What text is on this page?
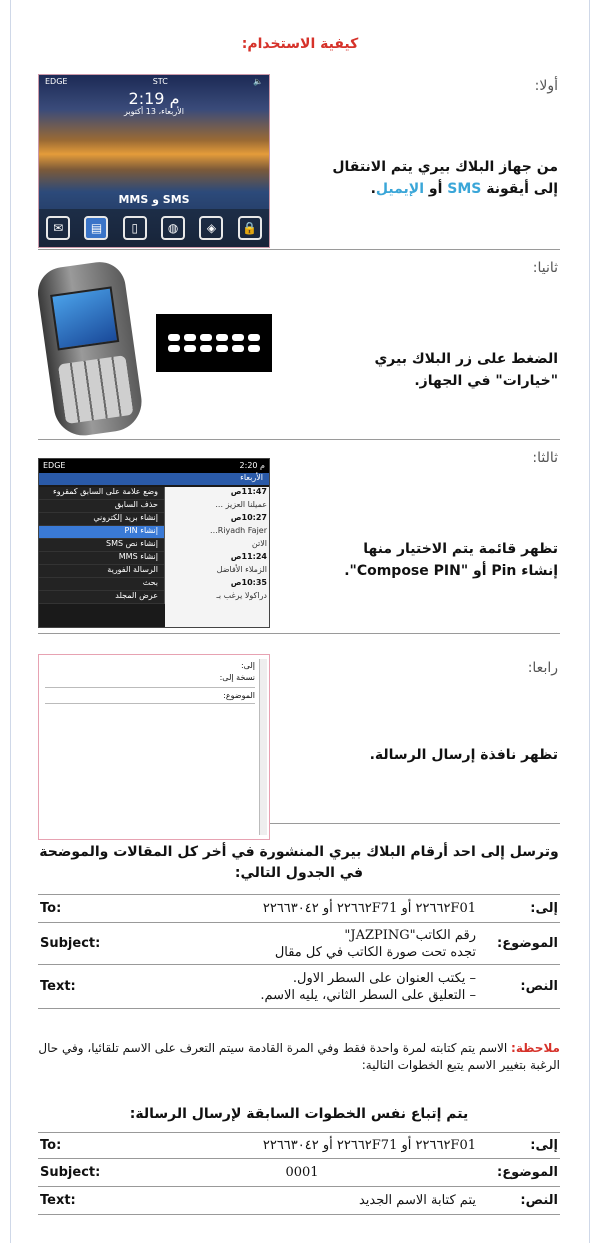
كيفية الاستخدام:
EDGE	STC	🔈
2:19 م
الأربعاء، 13 أكتوبر
SMS و MMS
✉	▤	▯	◍	◈	🔒
أولا:
من جهاز البلاك بيري يتم الانتقال إلى أيقونة SMS أو الإيميل.
ثانيا:
الضغط على زر البلاك بيري "خيارات" في الجهاز.
EDGE	2:20 م
الأربعاء
وضع علامة على السابق كمقروء
حذف السابق
إنشاء بريد إلكتروني
إنشاء PIN
إنشاء نص SMS
إنشاء MMS
الرسالة الفورية
بحث
عرض المجلد
11:47ص
عميلنا العزيز ...
10:27ص
Riyadh Fajer...
الاتن
11:24ص
الزملاء الأفاضل
10:35ص
دراكولا يرغب بـ
ثالثا:
تظهر قائمة يتم الاختيار منها إنشاء Pin أو "Compose PIN".
إلى:
نسخة إلى:
الموضوع:
رابعا:
تظهر نافذة إرسال الرسالة.
وترسل إلى احد أرقام البلاك بيري المنشورة في أخر كل المقالات والموضحة في الجدول التالي:
To:	٢٢٦٦٢F01 أو ٢٢٦٦٢F71 أو ٢٢٦٦٣٠٤٢	إلى:
Subject:	رقم الكاتب"JAZPING"
تجده تحت صورة الكاتب في كل مقال	الموضوع:
Text:	– يكتب العنوان على السطر الاول.
– التعليق على السطر الثاني، يليه الاسم.	النص:
ملاحظة: الاسم يتم كتابته لمرة واحدة فقط وفي المرة القادمة سيتم التعرف على الاسم تلقائيا، وفي حال الرغبة بتغيير الاسم يتبع الخطوات التالية:
يتم إتباع نفس الخطوات السابقة لإرسال الرسالة:
To:	٢٢٦٦٢F01 أو ٢٢٦٦٢F71 أو ٢٢٦٦٣٠٤٢	إلى:
Subject:	0001	الموضوع:
Text:	يتم كتابة الاسم الجديد	النص:
